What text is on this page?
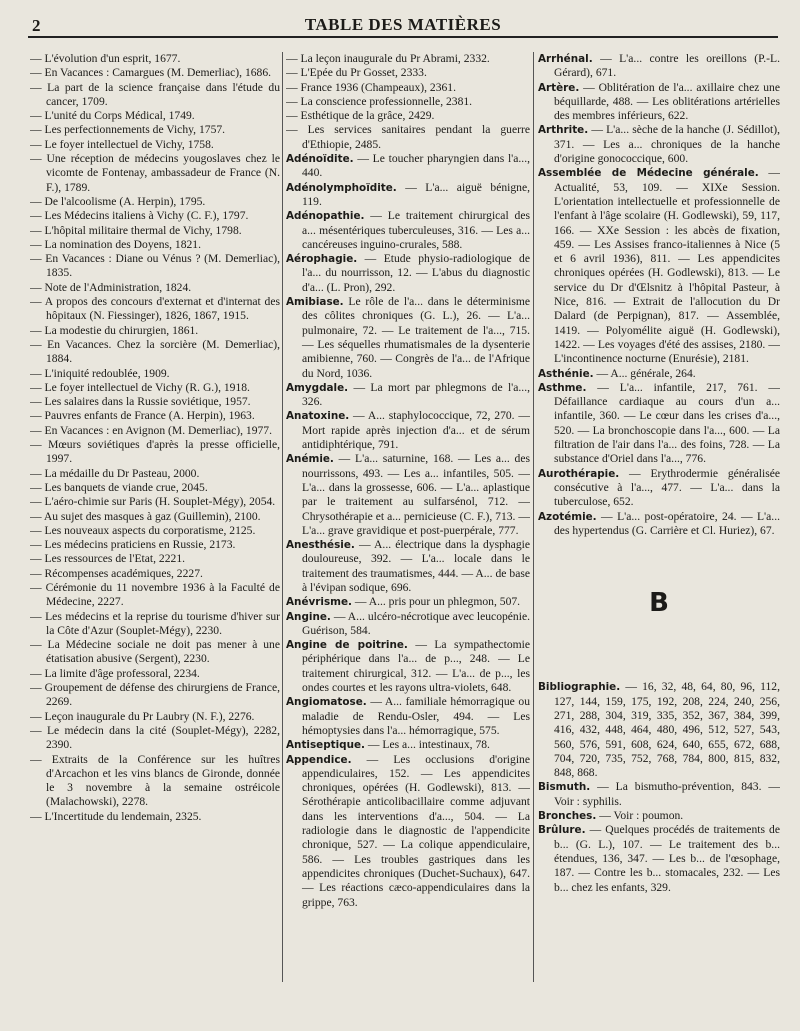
2	TABLE DES MATIÈRES
— L'évolution d'un esprit, 1677.
— En Vacances : Camargues (M. Demerliac), 1686.
— La part de la science française dans l'étude du cancer, 1709.
— L'unité du Corps Médical, 1749.
— Les perfectionnements de Vichy, 1757.
— Le foyer intellectuel de Vichy, 1758.
— Une réception de médecins yougoslaves chez le vicomte de Fontenay, ambassadeur de France (N. F.), 1789.
— De l'alcoolisme (A. Herpin), 1795.
— Les Médecins italiens à Vichy (C. F.), 1797.
— L'hôpital militaire thermal de Vichy, 1798.
— La nomination des Doyens, 1821.
— En Vacances : Diane ou Vénus ? (M. Demerliac), 1835.
— Note de l'Administration, 1824.
— A propos des concours d'externat et d'internat des hôpitaux (N. Fiessinger), 1826, 1867, 1915.
— La modestie du chirurgien, 1861.
— En Vacances. Chez la sorcière (M. Demerliac), 1884.
— L'iniquité redoublée, 1909.
— Le foyer intellectuel de Vichy (R. G.), 1918.
— Les salaires dans la Russie soviétique, 1957.
— Pauvres enfants de France (A. Herpin), 1963.
— En Vacances : en Avignon (M. Demerliac), 1977.
— Mœurs soviétiques d'après la presse officielle, 1997.
— La médaille du Dr Pasteau, 2000.
— Les banquets de viande crue, 2045.
— L'aéro-chimie sur Paris (H. Souplet-Mégy), 2054.
— Au sujet des masques à gaz (Guillemin), 2100.
— Les nouveaux aspects du corporatisme, 2125.
— Les médecins praticiens en Russie, 2173.
— Les ressources de l'Etat, 2221.
— Récompenses académiques, 2227.
— Cérémonie du 11 novembre 1936 à la Faculté de Médecine, 2227.
— Les médecins et la reprise du tourisme d'hiver sur la Côte d'Azur (Souplet-Mégy), 2230.
— La Médecine sociale ne doit pas mener à une étatisation abusive (Sergent), 2230.
— La limite d'âge professoral, 2234.
— Groupement de défense des chirurgiens de France, 2269.
— Leçon inaugurale du Pr Laubry (N. F.), 2276.
— Le médecin dans la cité (Souplet-Mégy), 2282, 2390.
— Extraits de la Conférence sur les huîtres d'Arcachon et les vins blancs de Gironde, donnée le 3 novembre à la semaine ostréicole (Malachowski), 2278.
— L'Incertitude du lendemain, 2325.
— La leçon inaugurale du Pr Abrami, 2332.
— L'Epée du Pr Gosset, 2333.
— France 1936 (Champeaux), 2361.
— La conscience professionnelle, 2381.
— Esthétique de la grâce, 2429.
— Les services sanitaires pendant la guerre d'Ethiopie, 2485.
Adénoïdite. — Le toucher pharyngien dans l'a..., 440.
Adénolymphoïdite. — L'a... aiguë bénigne, 119.
Adénopathie. — Le traitement chirurgical des a... mésentériques tuberculeuses, 316. — Les a... cancéreuses inguino-crurales, 588.
Aérophagie. — Etude physio-radiologique de l'a... du nourrisson, 12. — L'abus du diagnostic d'a... (L. Pron), 292.
Amibiase. Le rôle de l'a... dans le déterminisme des côlites chroniques (G. L.), 26. — L'a... pulmonaire, 72. — Le traitement de l'a..., 715. — Les séquelles rhumatismales de la dysenterie amibienne, 760. — Congrès de l'a... de l'Afrique du Nord, 1036.
Amygdale. — La mort par phlegmons de l'a..., 326.
Anatoxine. — A... staphylococcique, 72, 270. — Mort rapide après injection d'a... et de sérum antidiphtérique, 791.
Anémie. — L'a... saturnine, 168. — Les a... des nourrissons, 493. — Les a... infantiles, 505. — L'a... dans la grossesse, 606. — L'a... aplastique par le traitement au sulfarsénol, 712. — Chrysothérapie et a... pernicieuse (C. F.), 713. — L'a... grave gravidique et post-puerpérale, 777.
Anesthésie. — A... électrique dans la dysphagie douloureuse, 392. — L'a... locale dans le traitement des traumatismes, 444. — A... de base à l'évipan sodique, 696.
Anévrisme. — A... pris pour un phlegmon, 507.
Angine. — A... ulcéro-nécrotique avec leucopénie. Guérison, 584.
Angine de poitrine. — La sympathectomie périphérique dans l'a... de p..., 248. — Le traitement chirurgical, 312. — L'a... de p..., les ondes courtes et les rayons ultra-violets, 648.
Angiomatose. — A... familiale hémorragique ou maladie de Rendu-Osler, 494. — Les hémoptysies dans l'a... hémorragique, 575.
Antiseptique. — Les a... intestinaux, 78.
Appendice. — Les occlusions d'origine appendiculaires, 152. — Les appendicites chroniques, opérées (H. Godlewski), 813. — Sérothérapie anticolibacillaire comme adjuvant dans les interventions d'a..., 504. — La radiologie dans le diagnostic de l'appendicite chronique, 527. — La colique appendiculaire, 586. — Les troubles gastriques dans les appendicites chroniques (Duchet-Suchaux), 647. — Les réactions cæco-appendiculaires dans la grippe, 763.
Arrhénal. — L'a... contre les oreillons (P.-L. Gérard), 671.
Artère. — Oblitération de l'a... axillaire chez une béquillarde, 488. — Les oblitérations artérielles des membres inférieurs, 622.
Arthrite. — L'a... sèche de la hanche (J. Sédillot), 371. — Les a... chroniques de la hanche d'origine gonococcique, 600.
Assemblée de Médecine générale. — Actualité, 53, 109. — XIXe Session. L'orientation intellectuelle et professionnelle de l'enfant à l'âge scolaire (H. Godlewski), 59, 117, 166. — XXe Session : les abcès de fixation, 459. — Les Assises franco-italiennes à Nice (5 et 6 avril 1936), 811. — Les appendicites chroniques opérées (H. Godlewski), 813. — Le service du Dr d'Œlsnitz à l'hôpital Pasteur, à Nice, 816. — Extrait de l'allocution du Dr Dalard (de Perpignan), 817. — Assemblée, 1419. — Polyomélite aiguë (H. Godlewski), 1422. — Les voyages d'été des assises, 2180. — L'incontinence nocturne (Enurésie), 2181.
Asthénie. — A... générale, 264.
Asthme. — L'a... infantile, 217, 761. — Défaillance cardiaque au cours d'un a... infantile, 360. — Le cœur dans les crises d'a..., 520. — La bronchoscopie dans l'a..., 600. — La filtration de l'air dans l'a... des foins, 728. — La substance d'Oriel dans l'a..., 776.
Aurothérapie. — Erythrodermie généralisée consécutive à l'a..., 477. — L'a... dans la tuberculose, 652.
Azotémie. — L'a... post-opératoire, 24. — L'a... des hypertendus (G. Carrière et Cl. Huriez), 67.
B
Bibliographie. — 16, 32, 48, 64, 80, 96, 112, 127, 144, 159, 175, 192, 208, 224, 240, 256, 271, 288, 304, 319, 335, 352, 367, 384, 399, 416, 432, 448, 464, 480, 496, 512, 527, 543, 560, 576, 591, 608, 624, 640, 655, 672, 688, 704, 720, 735, 752, 768, 784, 800, 815, 832, 848, 868.
Bismuth. — La bismutho-prévention, 843. — Voir : syphilis.
Bronches. — Voir : poumon.
Brûlure. — Quelques procédés de traitements de b... (G. L.), 107. — Le traitement des b... étendues, 136, 347. — Les b... de l'œsophage, 187. — Contre les b... stomacales, 232. — Les b... chez les enfants, 329.
